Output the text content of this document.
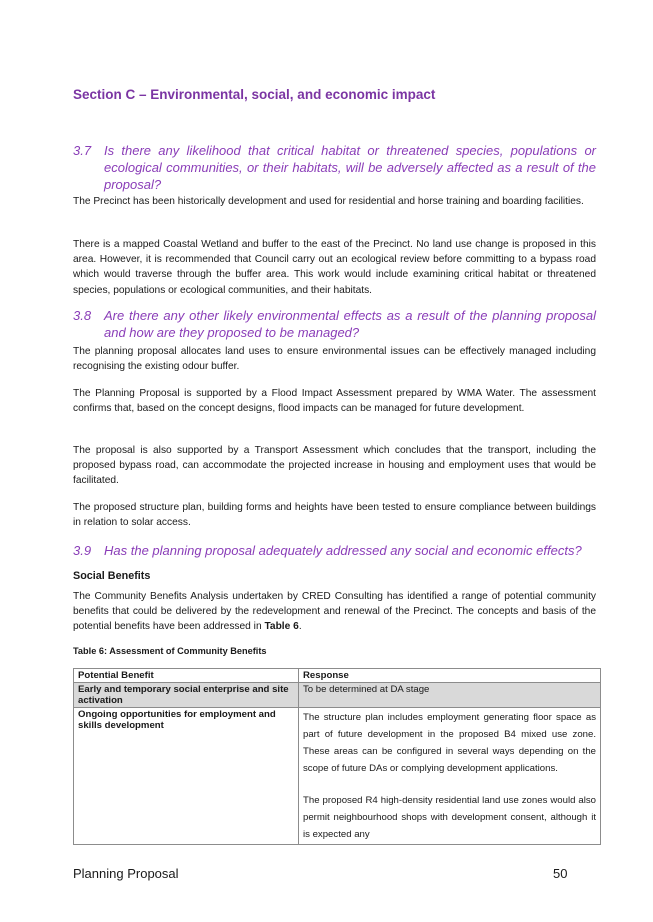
Section C – Environmental, social, and economic impact
3.7 Is there any likelihood that critical habitat or threatened species, populations or ecological communities, or their habitats, will be adversely affected as a result of the proposal?

The Precinct has been historically development and used for residential and horse training and boarding facilities.

There is a mapped Coastal Wetland and buffer to the east of the Precinct. No land use change is proposed in this area. However, it is recommended that Council carry out an ecological review before committing to a bypass road which would traverse through the buffer area. This work would include examining critical habitat or threatened species, populations or ecological communities, and their habitats.

3.8 Are there any other likely environmental effects as a result of the planning proposal and how are they proposed to be managed?

The planning proposal allocates land uses to ensure environmental issues can be effectively managed including recognising the existing odour buffer.

The Planning Proposal is supported by a Flood Impact Assessment prepared by WMA Water. The assessment confirms that, based on the concept designs, flood impacts can be managed for future development.

The proposal is also supported by a Transport Assessment which concludes that the transport, including the proposed bypass road, can accommodate the projected increase in housing and employment uses that would be facilitated.

The proposed structure plan, building forms and heights have been tested to ensure compliance between buildings in relation to solar access.

3.9 Has the planning proposal adequately addressed any social and economic effects?
Social Benefits

The Community Benefits Analysis undertaken by CRED Consulting has identified a range of potential community benefits that could be delivered by the redevelopment and renewal of the Precinct. The concepts and basis of the potential benefits have been addressed in Table 6.

Table 6: Assessment of Community Benefits

Potential Benefit	Response
Early and temporary social enterprise and site activation	To be determined at DA stage

Ongoing opportunities for employment and skills development	The structure plan includes employment generating floor space as part of future development in the proposed B4 mixed use zone. These areas can be configured in several ways depending on the scope of future DAs or complying development applications.

The proposed R4 high-density residential land use zones would also permit neighbourhood shops with development consent, although it is expected any

Planning Proposal	50
